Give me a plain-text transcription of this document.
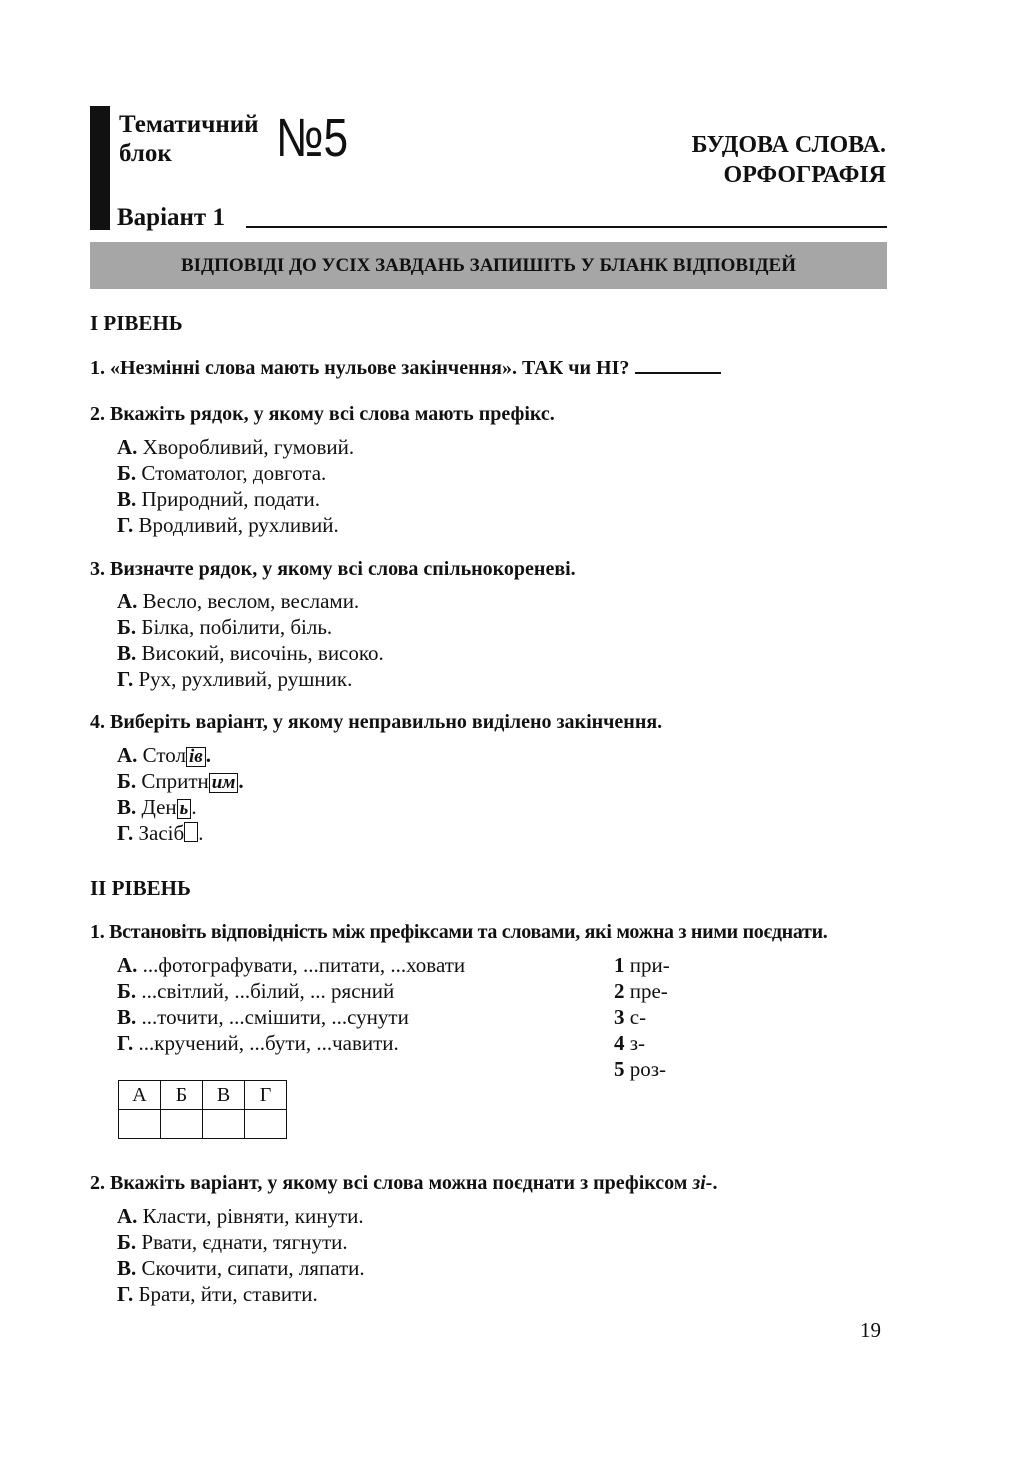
Тематичний
блок	№5	БУДОВА СЛОВА.
ОРФОГРАФІЯ
Варіант 1
ВІДПОВІДІ ДО УСІХ ЗАВДАНЬ ЗАПИШІТЬ У БЛАНК ВІДПОВІДЕЙ
І РІВЕНЬ
1. «Незмінні слова мають нульове закінчення». ТАК чи НІ?
2. Вкажіть рядок, у якому всі слова мають префікс.
А. Хворобливий, гумовий.
Б. Стоматолог, довгота.
В. Природний, подати.
Г. Вродливий, рухливий.
3. Визначте рядок, у якому всі слова спільнокореневі.
А. Весло, веслом, веслами.
Б. Білка, побілити, біль.
В. Високий, височінь, високо.
Г. Рух, рухливий, рушник.
4. Виберіть варіант, у якому неправильно виділено закінчення.
А. Стол ів .
Б. Спритн им .
В. Ден ь .
Г. Засіб .
ІІ РІВЕНЬ
1. Встановіть відповідність між префіксами та словами, які можна з ними поєднати.
А. ...фотографувати, ...питати, ...ховати
Б. ...світлий, ...білий, ... рясний
В. ...точити, ...смішити, ...сунути
Г. ...кручений, ...бути, ...чавити.
1 при-
2 пре-
3 с-
4 з-
5 роз-
А	Б	В	Г

2. Вкажіть варіант, у якому всі слова можна поєднати з префіксом зі-.
А. Класти, рівняти, кинути.
Б. Рвати, єднати, тягнути.
В. Скочити, сипати, ляпати.
Г. Брати, йти, ставити.
19
